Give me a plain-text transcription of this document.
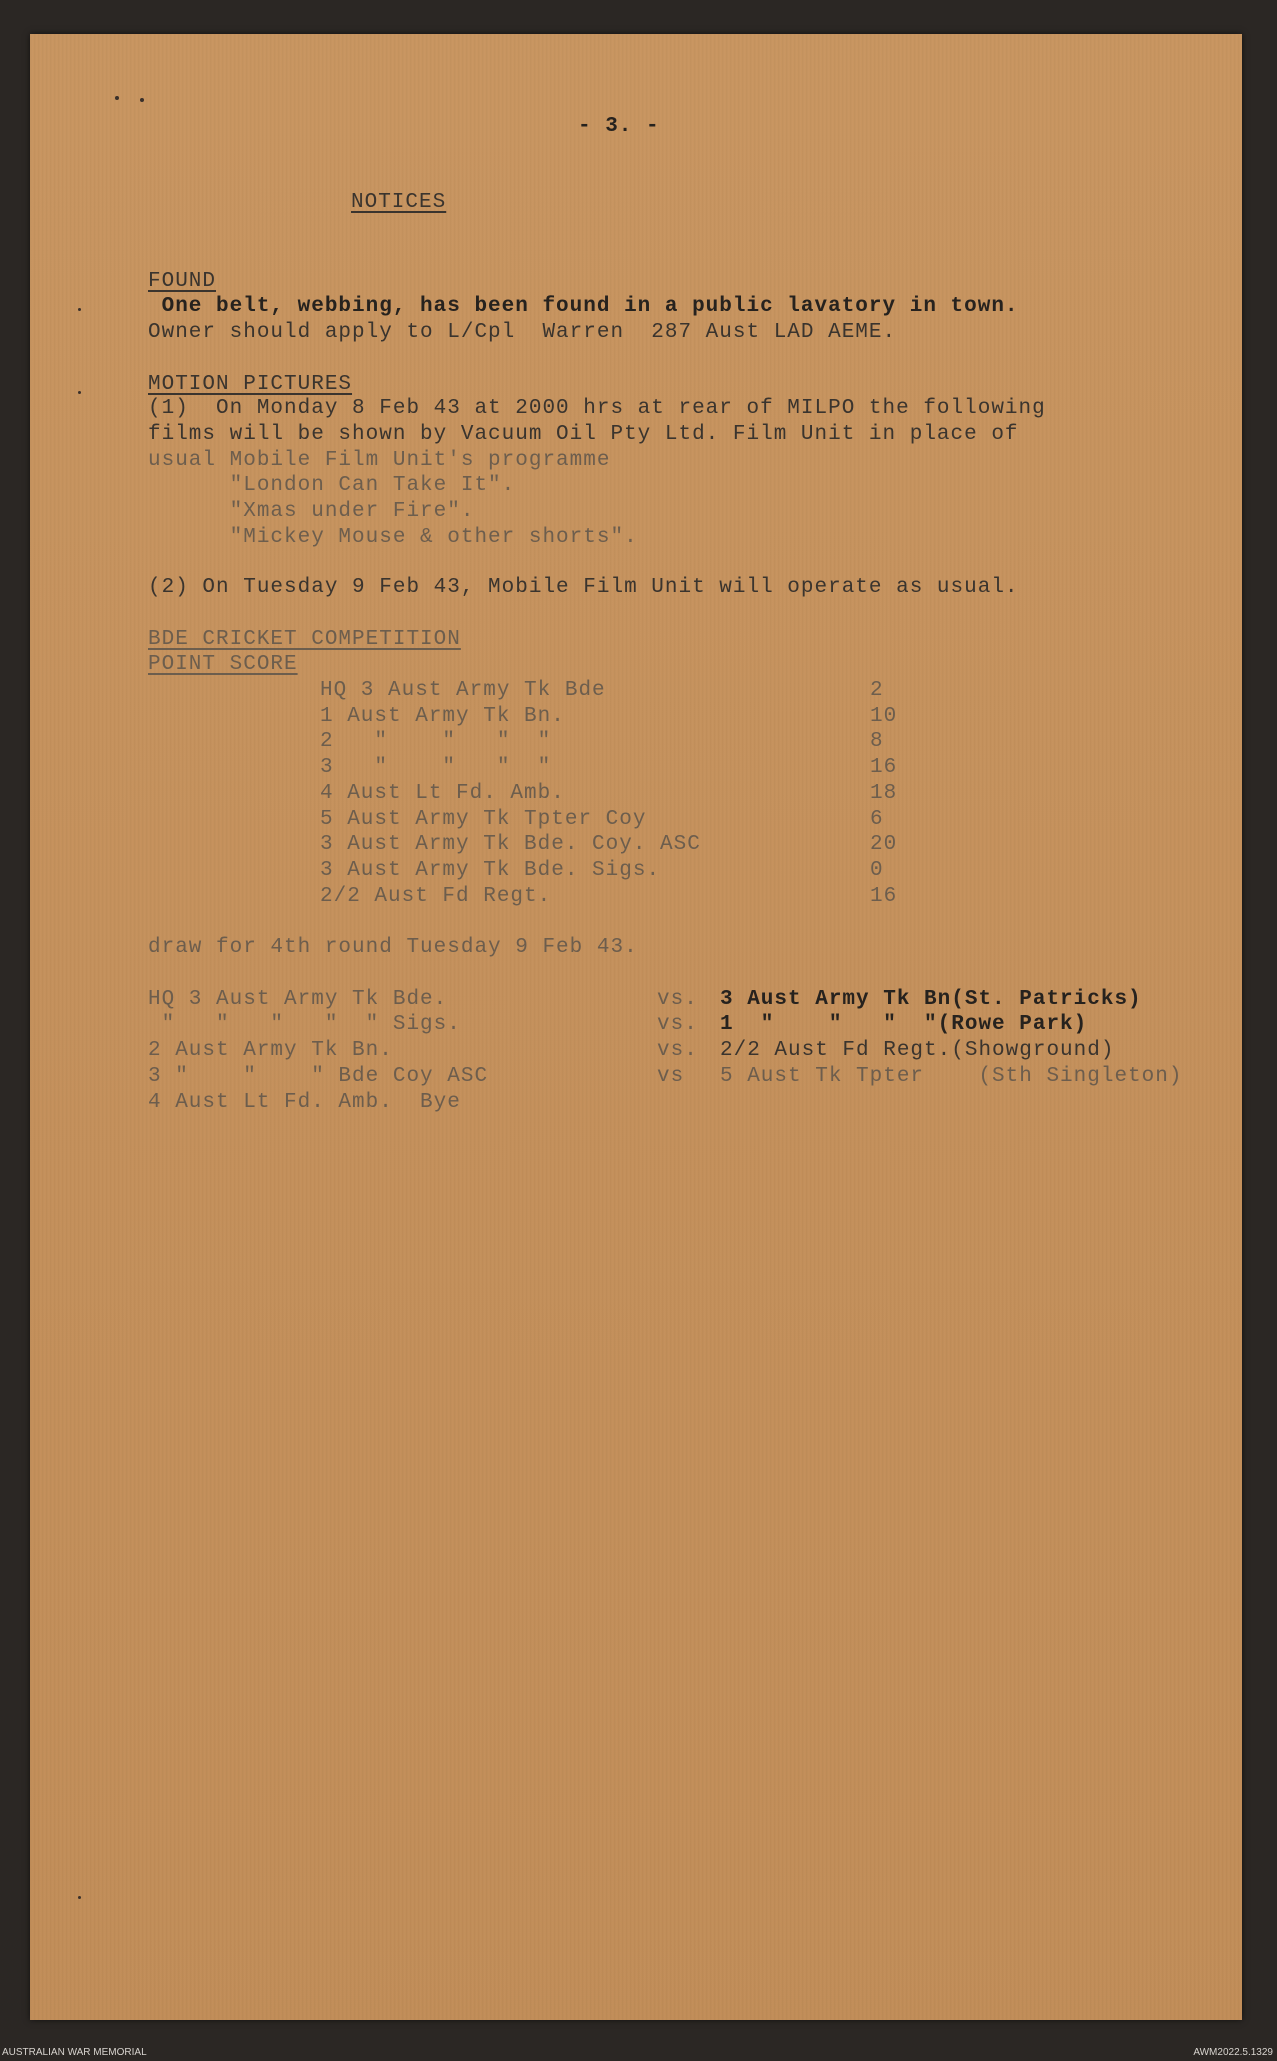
- 3. -
NOTICES
FOUND
One belt, webbing, has been found in a public lavatory in town.
Owner should apply to L/Cpl  Warren  287 Aust LAD AEME.
MOTION PICTURES
(1)  On Monday 8 Feb 43 at 2000 hrs at rear of MILPO the following
films will be shown by Vacuum Oil Pty Ltd. Film Unit in place of
usual Mobile Film Unit's programme
"London Can Take It".
"Xmas under Fire".
"Mickey Mouse & other shorts".
(2) On Tuesday 9 Feb 43, Mobile Film Unit will operate as usual.
BDE CRICKET COMPETITION
POINT SCORE
HQ 3 Aust Army Tk Bde	2
1 Aust Army Tk Bn.	10
2   "    "   "  "	8
3   "    "   "  "	16
4 Aust Lt Fd. Amb.	18
5 Aust Army Tk Tpter Coy	6
3 Aust Army Tk Bde. Coy. ASC	20
3 Aust Army Tk Bde. Sigs.	0
2/2 Aust Fd Regt.	16
draw for 4th round Tuesday 9 Feb 43.
HQ 3 Aust Army Tk Bde.	vs. 3 Aust Army Tk Bn(St. Patricks)
"   "   "   "  " Sigs.	vs. 1  "    "   "  "(Rowe Park)
2 Aust Army Tk Bn.	vs. 2/2 Aust Fd Regt.(Showground)
3 "    "    " Bde Coy ASC	vs 5 Aust Tk Tpter    (Sth Singleton)
4 Aust Lt Fd. Amb.  Bye
AUSTRALIAN WAR MEMORIAL	AWM2022.5.1329
